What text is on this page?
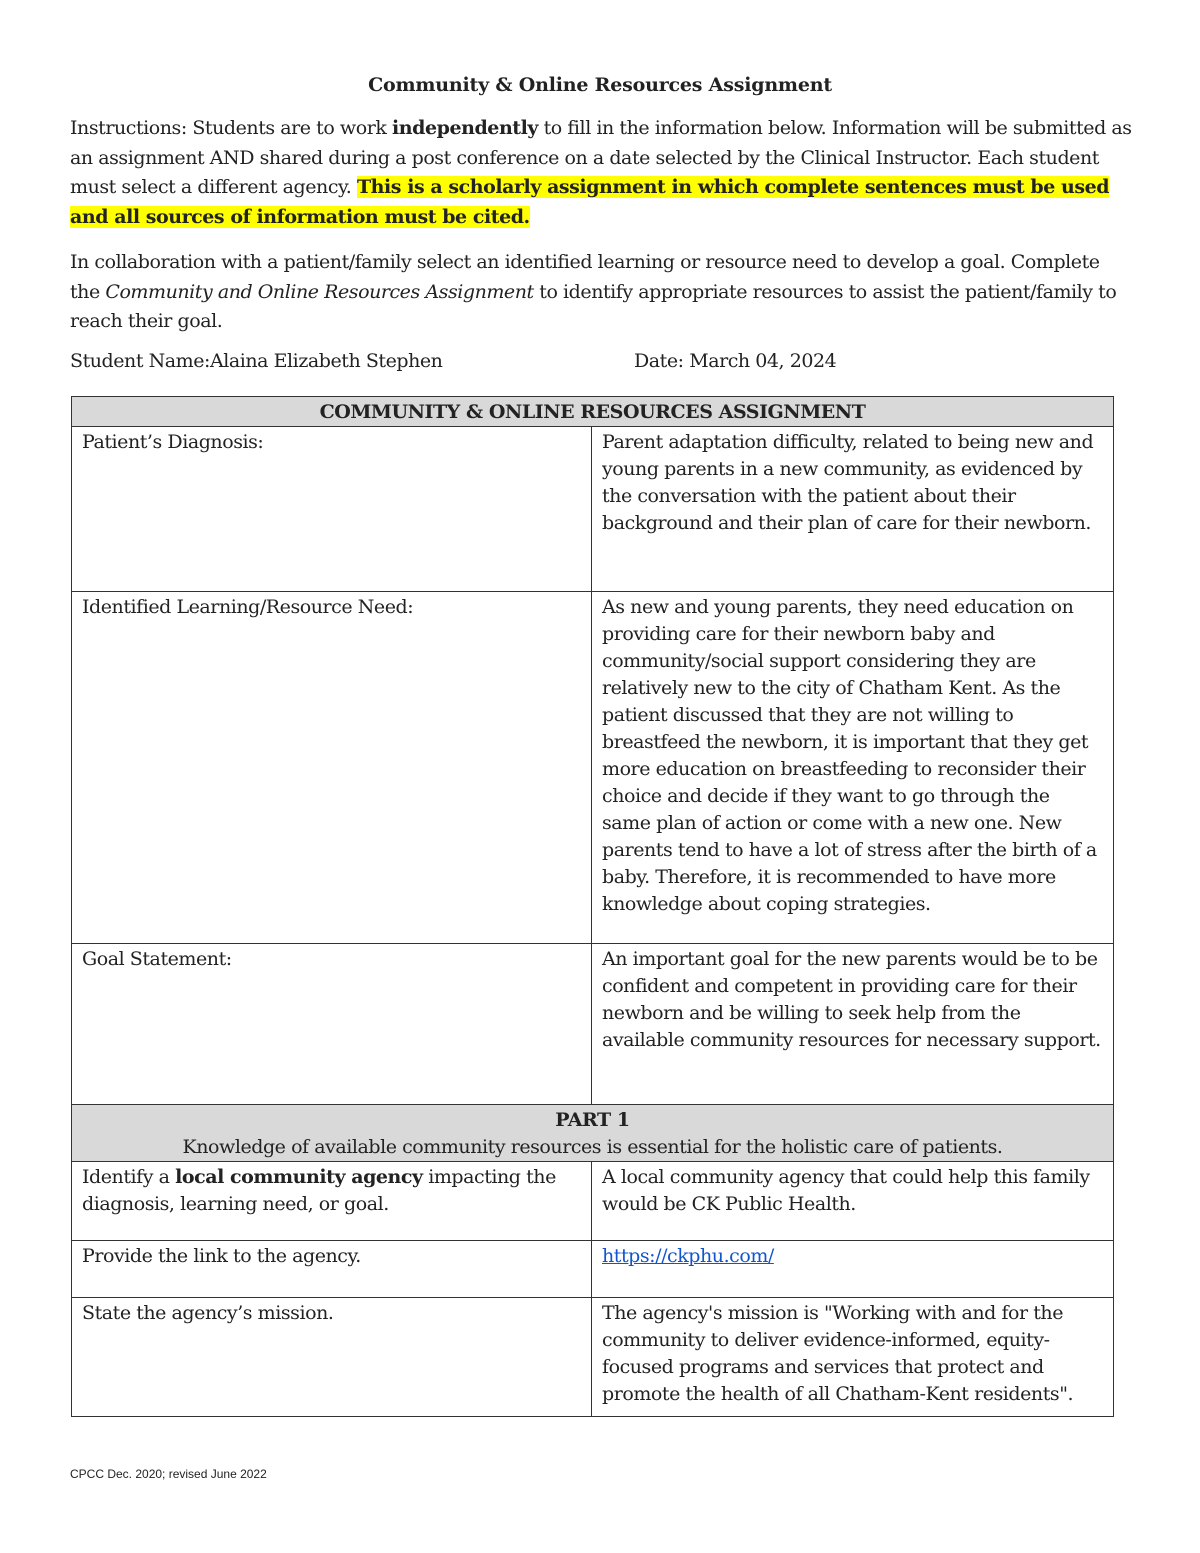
Community & Online Resources Assignment

Instructions: Students are to work independently to fill in the information below. Information will be submitted as an assignment AND shared during a post conference on a date selected by the Clinical Instructor. Each student must select a different agency. This is a scholarly assignment in which complete sentences must be used and all sources of information must be cited.

In collaboration with a patient/family select an identified learning or resource need to develop a goal. Complete the Community and Online Resources Assignment to identify appropriate resources to assist the patient/family to reach their goal.

Student Name:Alaina Elizabeth Stephen	Date: March 04, 2024
COMMUNITY & ONLINE RESOURCES ASSIGNMENT	
Patient’s Diagnosis:	Parent adaptation difficulty, related to being new and young parents in a new community, as evidenced by the conversation with the patient about their background and their plan of care for their newborn.
Identified Learning/Resource Need:	As new and young parents, they need education on providing care for their newborn baby and community/social support considering they are relatively new to the city of Chatham Kent. As the patient discussed that they are not willing to breastfeed the newborn, it is important that they get more education on breastfeeding to reconsider their choice and decide if they want to go through the same plan of action or come with a new one. New parents tend to have a lot of stress after the birth of a baby. Therefore, it is recommended to have more knowledge about coping strategies.
Goal Statement:	An important goal for the new parents would be to be confident and competent in providing care for their newborn and be willing to seek help from the available community resources for necessary support.

PART 1
Knowledge of available community resources is essential for the holistic care of patients.	

Identify a local community agency impacting the diagnosis, learning need, or goal.	A local community agency that could help this family would be CK Public Health.
Provide the link to the agency.	https://ckphu.com/
State the agency’s mission.	The agency's mission is "Working with and for the community to deliver evidence-informed, equity-focused programs and services that protect and promote the health of all Chatham-Kent residents".
CPCC Dec. 2020; revised June 2022
